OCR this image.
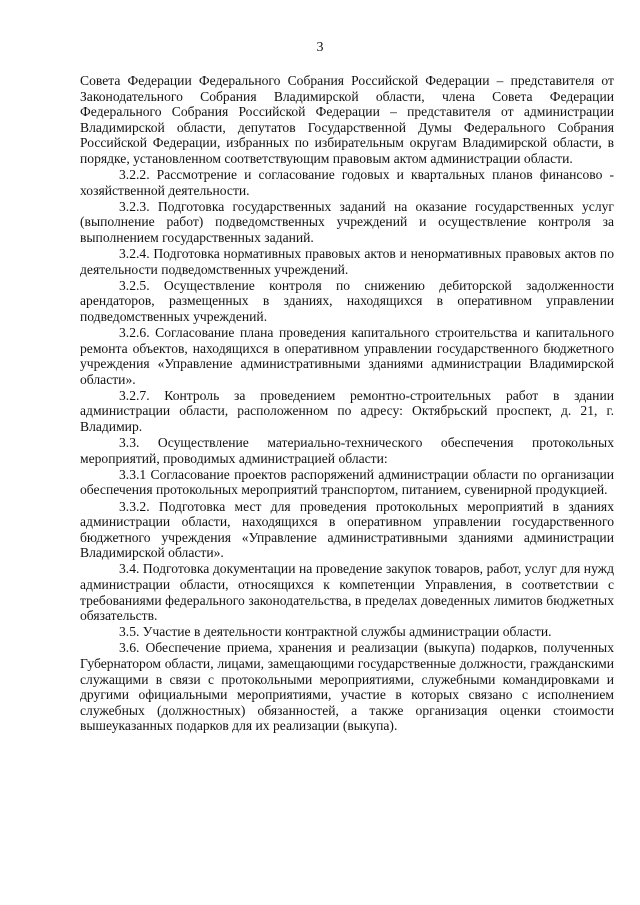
3

Совета Федерации Федерального Собрания Российской Федерации – представителя от Законодательного Собрания Владимирской области, члена Совета Федерации Федерального Собрания Российской Федерации – представителя от администрации Владимирской области, депутатов Государственной Думы Федерального Собрания Российской Федерации, избранных по избирательным округам Владимирской области, в порядке, установленном соответствующим правовым актом администрации области.

3.2.2. Рассмотрение и согласование годовых и квартальных планов финансово - хозяйственной деятельности.

3.2.3. Подготовка государственных заданий на оказание государственных услуг (выполнение работ) подведомственных учреждений и осуществление контроля за выполнением государственных заданий.

3.2.4. Подготовка нормативных правовых актов и ненормативных правовых актов по деятельности подведомственных учреждений.

3.2.5. Осуществление контроля по снижению дебиторской задолженности арендаторов, размещенных в зданиях, находящихся в оперативном управлении подведомственных учреждений.

3.2.6. Согласование плана проведения капитального строительства и капитального ремонта объектов, находящихся в оперативном управлении государственного бюджетного учреждения «Управление административными зданиями администрации Владимирской области».

3.2.7. Контроль за проведением ремонтно-строительных работ в здании администрации области, расположенном по адресу: Октябрьский проспект, д. 21, г. Владимир.

3.3. Осуществление материально-технического обеспечения протокольных мероприятий, проводимых администрацией области:

3.3.1 Согласование проектов распоряжений администрации области по организации обеспечения протокольных мероприятий транспортом, питанием, сувенирной продукцией.

3.3.2. Подготовка мест для проведения протокольных мероприятий в зданиях администрации области, находящихся в оперативном управлении государственного бюджетного учреждения «Управление административными зданиями администрации Владимирской области».

3.4. Подготовка документации на проведение закупок товаров, работ, услуг для нужд администрации области, относящихся к компетенции Управления, в соответствии с требованиями федерального законодательства, в пределах доведенных лимитов бюджетных обязательств.

3.5. Участие в деятельности контрактной службы администрации области.

3.6. Обеспечение приема, хранения и реализации (выкупа) подарков, полученных Губернатором области, лицами, замещающими государственные должности, гражданскими служащими в связи с протокольными мероприятиями, служебными командировками и другими официальными мероприятиями, участие в которых связано с исполнением служебных (должностных) обязанностей, а также организация оценки стоимости вышеуказанных подарков для их реализации (выкупа).
